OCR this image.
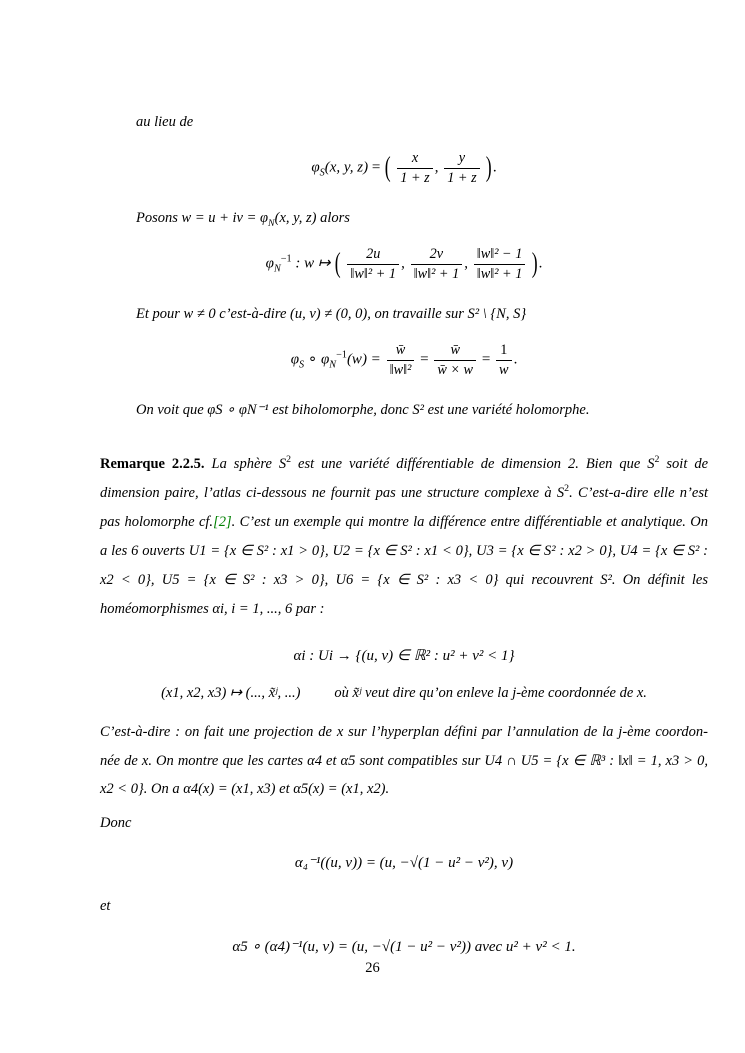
au lieu de
$\varphi_S(x$, y, z) = ( $\frac{x}{1 + z}$ , $\frac{y}{1 + z}$ ).
Posons w = u + iv = $\varphi_N(x$, y, z) alors
$\varphi_N^{-1}$ : w ↦ ( $\frac{2u}{\text{‖w‖² + 1}}$ , $\frac{2v}{\text{‖w‖² + 1}}$ , $\frac{\text{‖w‖² − 1}}{\text{‖w‖² + 1}}$ ).
Et pour w ≠ 0 c’est-à-dire (u, v) ≠ (0, 0), on travaille sur S² \ {N, S}
$\varphi_S$ ∘ $\varphi_N^{-1}(w) = \frac{w̄}{\text{‖w‖²}} = \frac{w̄}{w̄ \times w} = \frac{1}{w}$ .
On voit que φS ∘ φN⁻¹ est biholomorphe, donc S² est une variété holomorphe.
Remarque 2.2.5. La sphère $S^2$ est une variété différentiable de dimension 2. Bien que $S^2$ soit de dimension paire, l’atlas ci-dessous ne fournit pas une structure complexe à $S^2$. C’est-a-dire elle n’est pas holomorphe cf.[2]. C’est un exemple qui montre la différence entre différentiable et analytique. On a les 6 ouverts U1 = {x ∈ S² : x1 > 0}, U2 = {x ∈ S² : x1 < 0}, U3 = {x ∈ S² : x2 > 0}, U4 = {x ∈ S² : x2 < 0}, U5 = {x ∈ S² : x3 > 0}, U6 = {x ∈ S² : x3 < 0} qui recouvrent S². On définit les homéomorphismes αi, i = 1, ..., 6 par :
αi : Ui → {(u, v) ∈ ℝ² : u² + v² < 1}
(x1, x2, x3) ↦ (..., x̃ʲ, ...) où x̃ʲ veut dire qu’on enleve la j-ème coordonnée de x.
C’est-à-dire : on fait une projection de x sur l’hyperplan défini par l’annulation de la j-ème coordon- née de x. On montre que les cartes α4 et α5 sont compatibles sur U4 ∩ U5 = {x ∈ ℝ³ : ‖x‖ = 1, x3 > 0, x2 < 0}. On a α4(x) = (x1, x3) et α5(x) = (x1, x2).
Donc
α₄⁻¹((u, v)) = (u, −√(1 − u² − v²), v)
et
α5 ∘ (α4)⁻¹(u, v) = (u, −√(1 − u² − v²)) avec u² + v² < 1.
26
